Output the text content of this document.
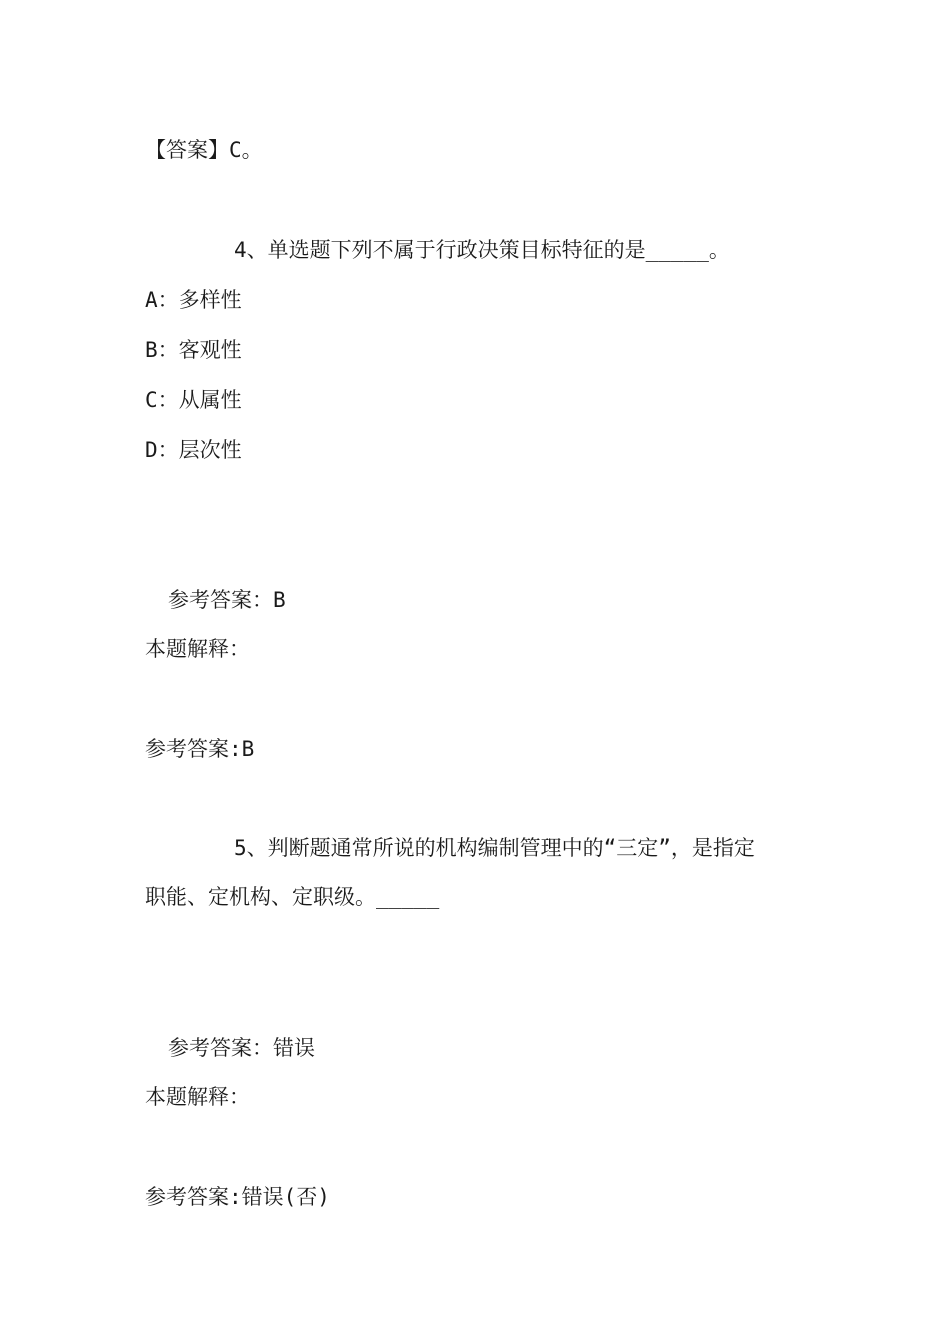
【答案】C。
4、单选题下列不属于行政决策目标特征的是_____。
A：多样性
B：客观性
C：从属性
D：层次性
参考答案：B
本题解释：
参考答案:B
5、判断题通常所说的机构编制管理中的“三定”，是指定
职能、定机构、定职级。_____
参考答案：错误
本题解释：
参考答案:错误(否)
